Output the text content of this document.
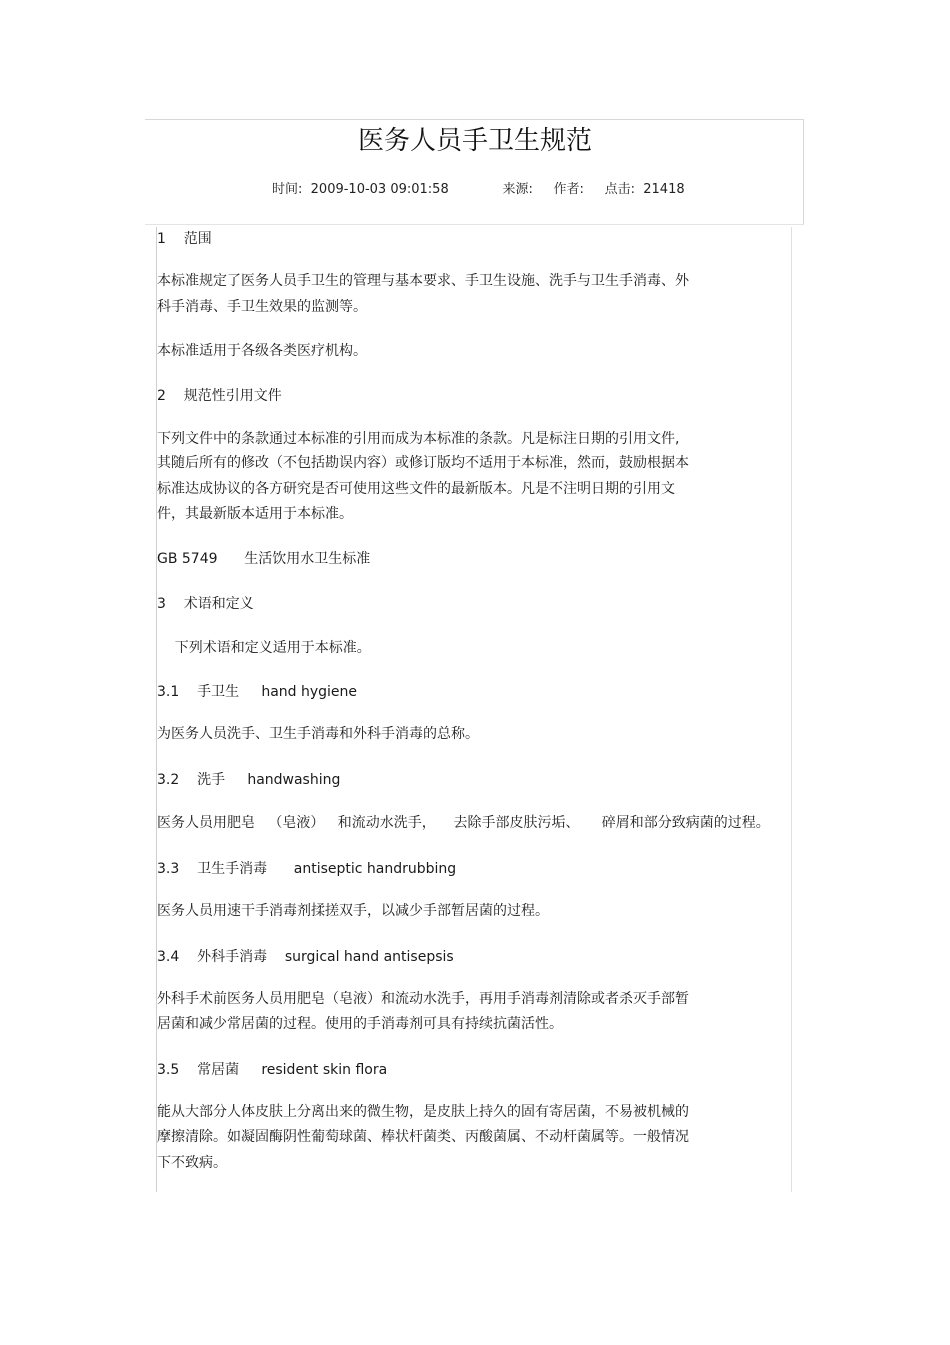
医务人员手卫生规范
时间: 2009-10-03 09:01:58	来源: 作者: 点击: 21418
1    范围
本标准规定了医务人员手卫生的管理与基本要求、手卫生设施、洗手与卫生手消毒、外
科手消毒、手卫生效果的监测等。
本标准适用于各级各类医疗机构。
2    规范性引用文件
下列文件中的条款通过本标准的引用而成为本标准的条款。凡是标注日期的引用文件,
其随后所有的修改（不包括勘误内容）或修订版均不适用于本标准，然而，鼓励根据本
标准达成协议的各方研究是否可使用这些文件的最新版本。凡是不注明日期的引用文
件，其最新版本适用于本标准。
GB 5749      生活饮用水卫生标准
3    术语和定义
下列术语和定义适用于本标准。
3.1    手卫生     hand hygiene
为医务人员洗手、卫生手消毒和外科手消毒的总称。
3.2    洗手     handwashing
医务人员用肥皂   （皂液）   和流动水洗手，    去除手部皮肤污垢、     碎屑和部分致病菌的过程。
3.3    卫生手消毒      antiseptic handrubbing
医务人员用速干手消毒剂揉搓双手，以减少手部暂居菌的过程。
3.4    外科手消毒    surgical hand antisepsis
外科手术前医务人员用肥皂（皂液）和流动水洗手，再用手消毒剂清除或者杀灭手部暂
居菌和减少常居菌的过程。使用的手消毒剂可具有持续抗菌活性。
3.5    常居菌     resident skin flora
能从大部分人体皮肤上分离出来的微生物，是皮肤上持久的固有寄居菌，不易被机械的
摩擦清除。如凝固酶阴性葡萄球菌、棒状杆菌类、丙酸菌属、不动杆菌属等。一般情况
下不致病。
